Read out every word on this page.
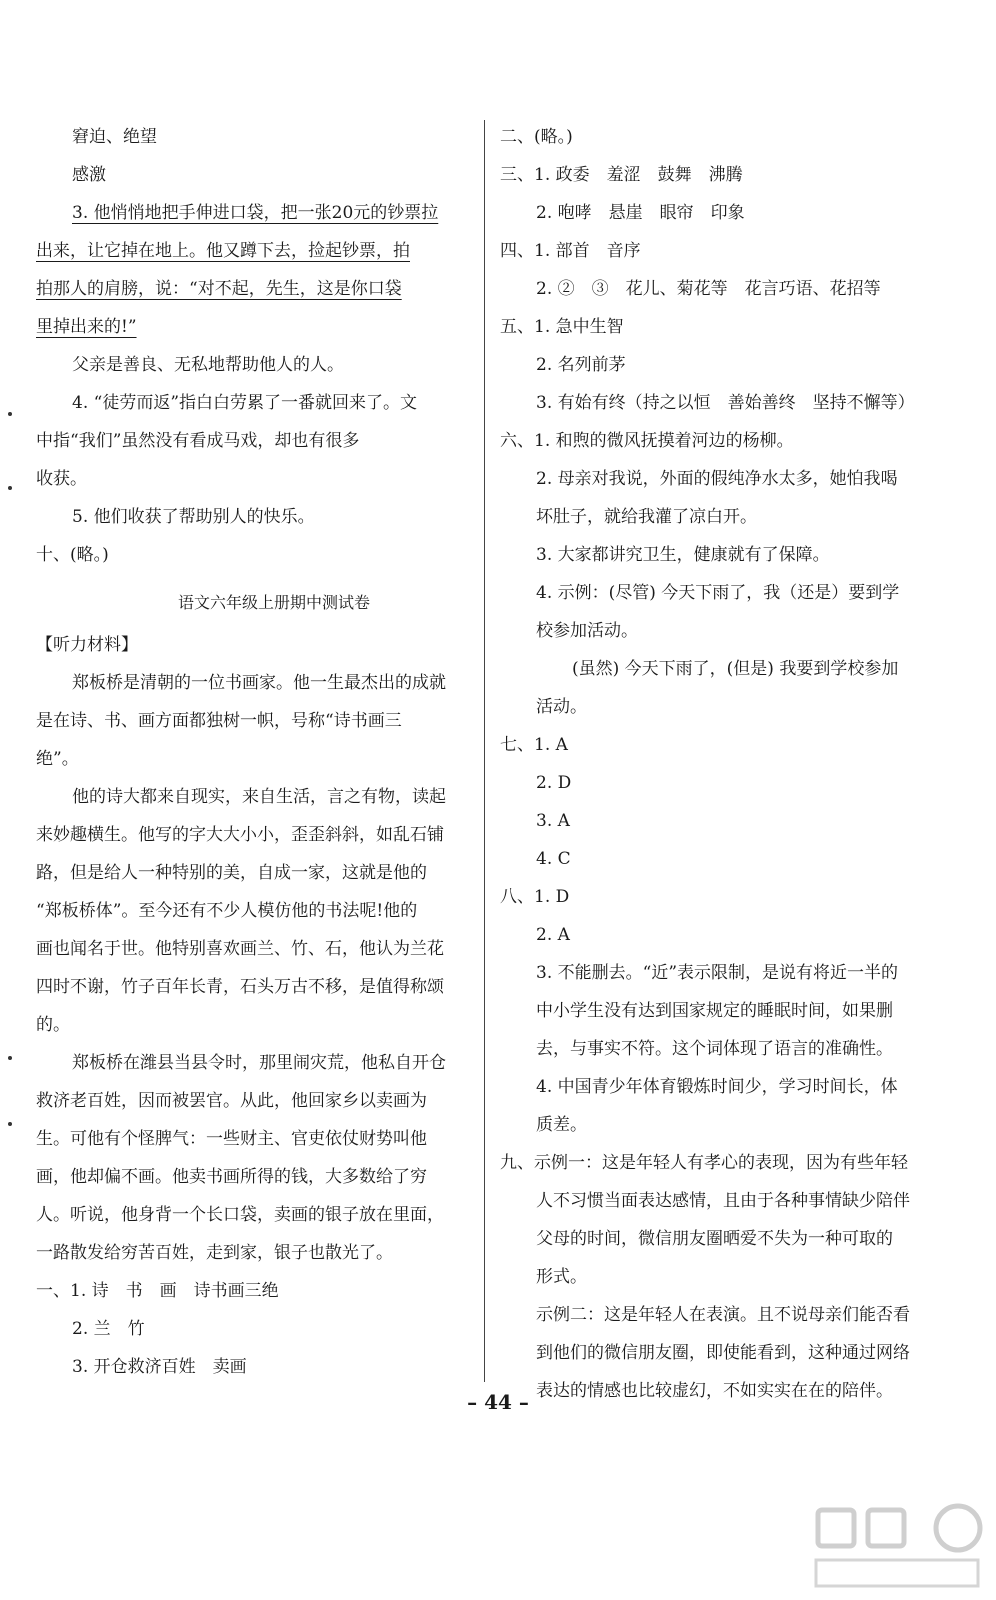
窘迫、绝望
感激
3. 他悄悄地把手伸进口袋，把一张20元的钞票拉
出来，让它掉在地上。他又蹲下去，捡起钞票，拍
拍那人的肩膀，说：“对不起，先生，这是你口袋
里掉出来的!”
父亲是善良、无私地帮助他人的人。
4. “徒劳而返”指白白劳累了一番就回来了。文
中指“我们”虽然没有看成马戏，却也有很多
收获。
5. 他们收获了帮助别人的快乐。
十、(略。)
语文六年级上册期中测试卷
【听力材料】
郑板桥是清朝的一位书画家。他一生最杰出的成就
是在诗、书、画方面都独树一帜，号称“诗书画三
绝”。
他的诗大都来自现实，来自生活，言之有物，读起
来妙趣横生。他写的字大大小小，歪歪斜斜，如乱石铺
路，但是给人一种特别的美，自成一家，这就是他的
“郑板桥体”。至今还有不少人模仿他的书法呢!他的
画也闻名于世。他特别喜欢画兰、竹、石，他认为兰花
四时不谢，竹子百年长青，石头万古不移，是值得称颂
的。
郑板桥在潍县当县令时，那里闹灾荒，他私自开仓
救济老百姓，因而被罢官。从此，他回家乡以卖画为
生。可他有个怪脾气：一些财主、官吏依仗财势叫他
画，他却偏不画。他卖书画所得的钱，大多数给了穷
人。听说，他身背一个长口袋，卖画的银子放在里面，
一路散发给穷苦百姓，走到家，银子也散光了。
一、1. 诗　书　画　诗书画三绝
2. 兰　竹
3. 开仓救济百姓　卖画
二、(略。)
三、1. 政委　羞涩　鼓舞　沸腾
2. 咆哮　悬崖　眼帘　印象
四、1. 部首　音序
2. ②　③　花儿、菊花等　花言巧语、花招等
五、1. 急中生智
2. 名列前茅
3. 有始有终（持之以恒　善始善终　坚持不懈等）
六、1. 和煦的微风抚摸着河边的杨柳。
2. 母亲对我说，外面的假纯净水太多，她怕我喝
坏肚子，就给我灌了凉白开。
3. 大家都讲究卫生，健康就有了保障。
4. 示例：(尽管) 今天下雨了，我（还是）要到学
校参加活动。
(虽然) 今天下雨了，(但是) 我要到学校参加
活动。
七、1. A
2. D
3. A
4. C
八、1. D
2. A
3. 不能删去。“近”表示限制，是说有将近一半的
中小学生没有达到国家规定的睡眠时间，如果删
去，与事实不符。这个词体现了语言的准确性。
4. 中国青少年体育锻炼时间少，学习时间长，体
质差。
九、示例一：这是年轻人有孝心的表现，因为有些年轻
人不习惯当面表达感情，且由于各种事情缺少陪伴
父母的时间，微信朋友圈晒爱不失为一种可取的
形式。
示例二：这是年轻人在表演。且不说母亲们能否看
到他们的微信朋友圈，即使能看到，这种通过网络
表达的情感也比较虚幻，不如实实在在的陪伴。
– 44 –
